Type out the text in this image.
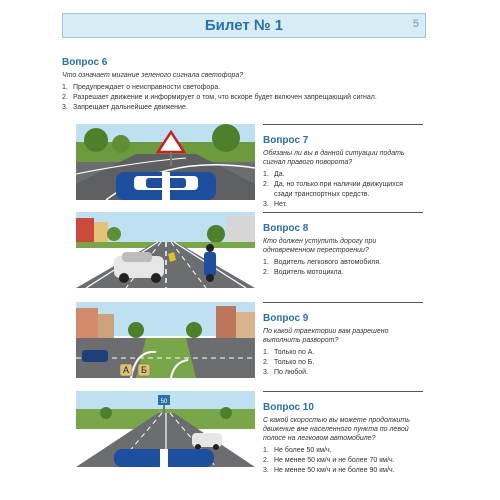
Билет № 1	5
Вопрос 6
Что означает мигание зеленого сигнала светофора?
1. Предупреждает о неисправности светофора.
2. Разрешает движение и информирует о том, что вскоре будет включен запрещающий сигнал.
3. Запрещает дальнейшее движение.
Вопрос 7
Обязаны ли вы в данной ситуации подать сигнал правого поворота?
1. Да.
2. Да, но только при наличии движущихся сзади транспортных средств.
3. Нет.
Вопрос 8
Кто должен уступить дорогу при одновременном перестроении?
1. Водитель легкового автомобиля.
2. Водитель мотоцикла.
А Б
Вопрос 9
По какой траектории вам разрешено выполнить разворот?
1. Только по А.
2. Только по Б.
3. По любой.
50	Вопрос 10
С какой скоростью вы можете продолжить движение вне населенного пункта по левой полосе на легковом автомобиле?
1. Не более 50 км/ч.
2. Не менее 50 км/ч и не более 70 км/ч.
3. Не менее 50 км/ч и не более 90 км/ч.
